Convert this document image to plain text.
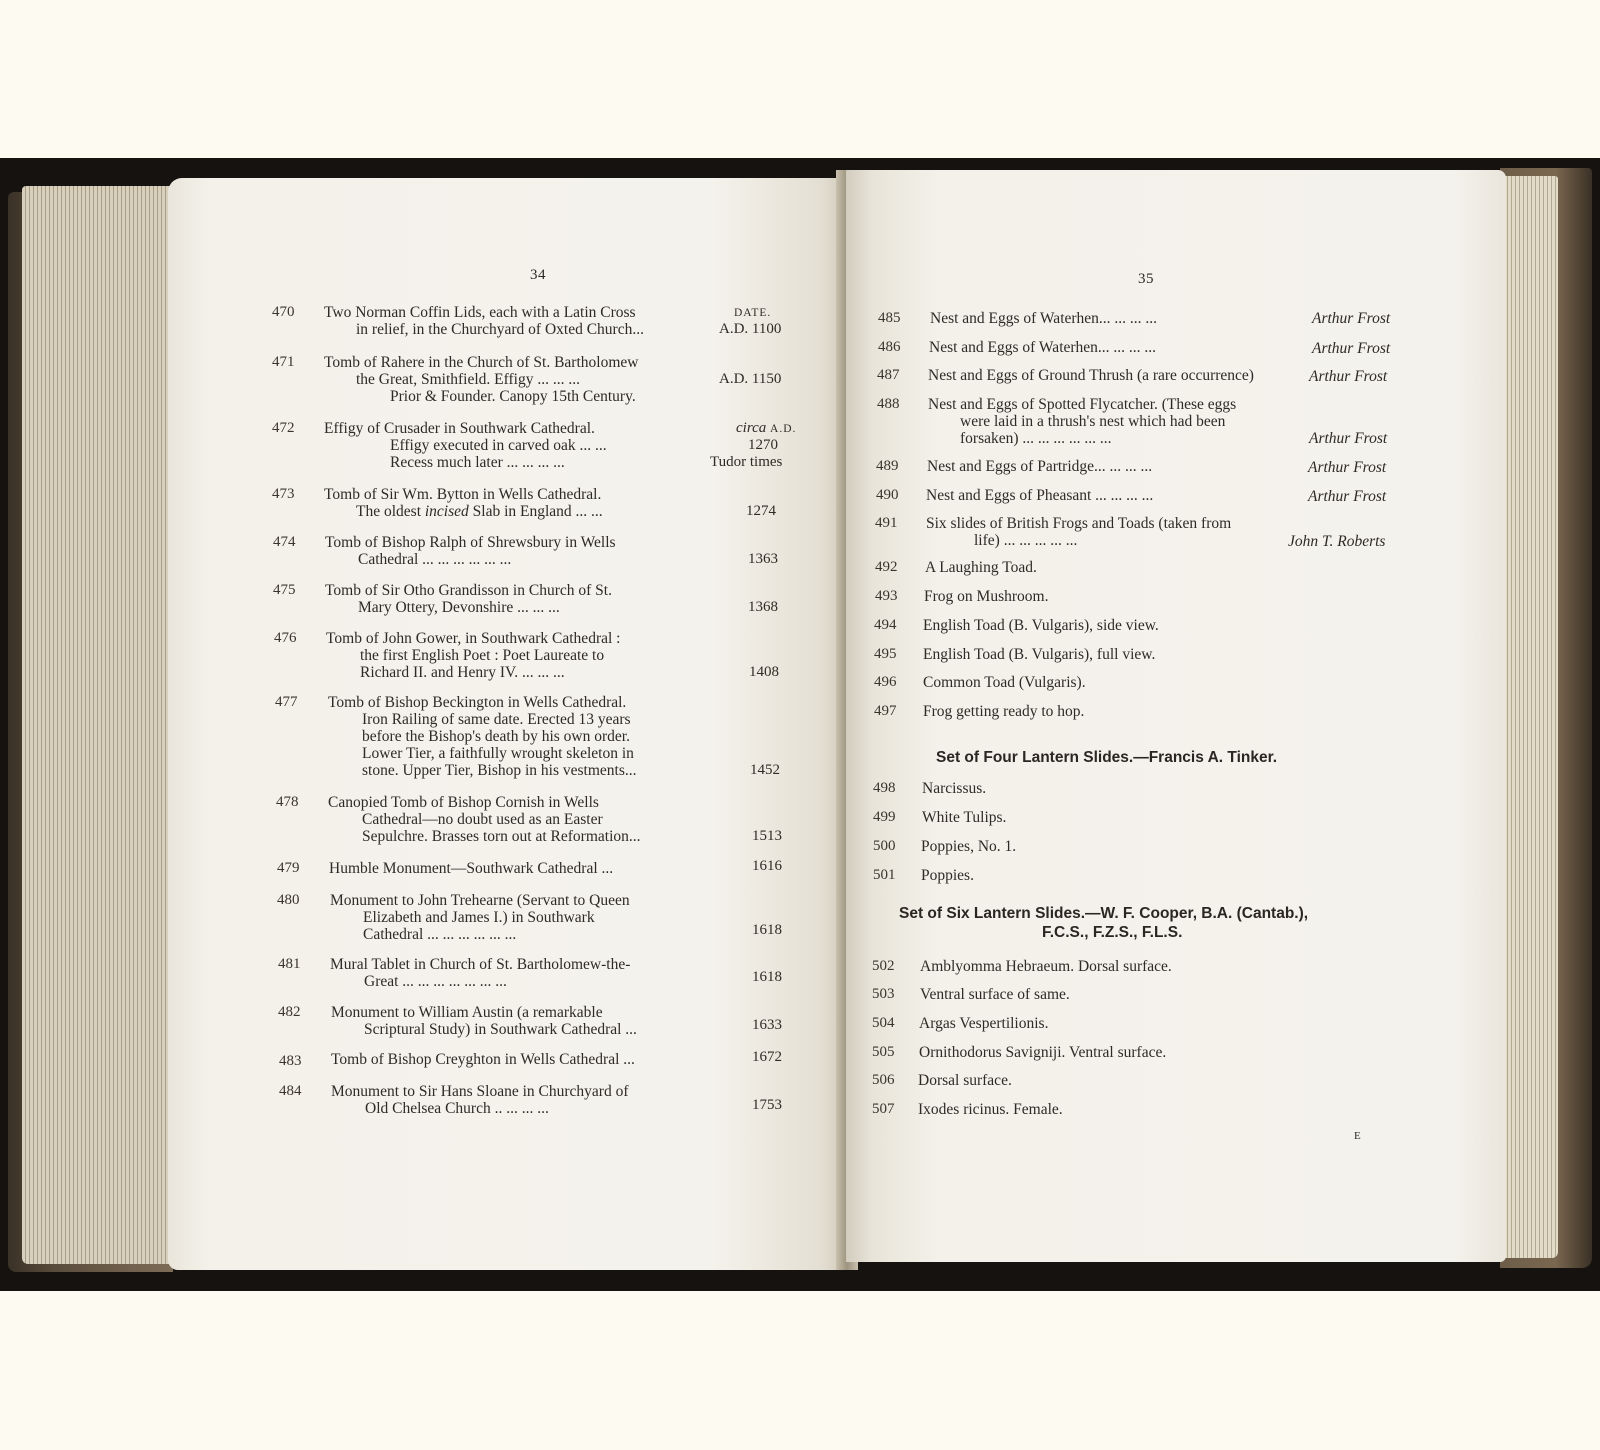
34
470 Two Norman Coffin Lids, each with a Latin Cross	DATE.
in relief, in the Churchyard of Oxted Church...	A.D. 1100
471 Tomb of Rahere in the Church of St. Bartholomew
the Great, Smithfield. Effigy ... ... ...	A.D. 1150
Prior & Founder. Canopy 15th Century.
472 Effigy of Crusader in Southwark Cathedral.	circa A.D.
Effigy executed in carved oak ... ...	1270
Recess much later ... ... ... ...	Tudor times
473 Tomb of Sir Wm. Bytton in Wells Cathedral.
The oldest incised Slab in England ... ...	1274
474 Tomb of Bishop Ralph of Shrewsbury in Wells
Cathedral ... ... ... ... ... ...	1363
475 Tomb of Sir Otho Grandisson in Church of St.
Mary Ottery, Devonshire ... ... ...	1368
476 Tomb of John Gower, in Southwark Cathedral :
the first English Poet : Poet Laureate to
Richard II. and Henry IV. ... ... ...	1408
477 Tomb of Bishop Beckington in Wells Cathedral.
Iron Railing of same date. Erected 13 years
before the Bishop's death by his own order.
Lower Tier, a faithfully wrought skeleton in
stone. Upper Tier, Bishop in his vestments...	1452
478 Canopied Tomb of Bishop Cornish in Wells
Cathedral—no doubt used as an Easter
Sepulchre. Brasses torn out at Reformation...	1513
479 Humble Monument—Southwark Cathedral ...	1616
480 Monument to John Trehearne (Servant to Queen
Elizabeth and James I.) in Southwark
Cathedral ... ... ... ... ... ...	1618
481 Mural Tablet in Church of St. Bartholomew-the-
Great ... ... ... ... ... ... ...	1618
482 Monument to William Austin (a remarkable
Scriptural Study) in Southwark Cathedral ...	1633
483 Tomb of Bishop Creyghton in Wells Cathedral ...	1672
484 Monument to Sir Hans Sloane in Churchyard of
Old Chelsea Church .. ... ... ...	1753
35
485 Nest and Eggs of Waterhen... ... ... ...	Arthur Frost
486 Nest and Eggs of Waterhen... ... ... ...	Arthur Frost
487 Nest and Eggs of Ground Thrush (a rare occurrence)	Arthur Frost
488 Nest and Eggs of Spotted Flycatcher. (These eggs
were laid in a thrush's nest which had been
forsaken) ... ... ... ... ... ...	Arthur Frost
489 Nest and Eggs of Partridge... ... ... ...	Arthur Frost
490 Nest and Eggs of Pheasant ... ... ... ...	Arthur Frost
491 Six slides of British Frogs and Toads (taken from
life) ... ... ... ... ...	John T. Roberts
492 A Laughing Toad.
493 Frog on Mushroom.
494 English Toad (B. Vulgaris), side view.
495 English Toad (B. Vulgaris), full view.
496 Common Toad (Vulgaris).
497 Frog getting ready to hop.
Set of Four Lantern Slides.—Francis A. Tinker.
498 Narcissus.
499 White Tulips.
500 Poppies, No. 1.
501 Poppies.
Set of Six Lantern Slides.—W. F. Cooper, B.A. (Cantab.),
F.C.S., F.Z.S., F.L.S.
502 Amblyomma Hebraeum. Dorsal surface.
503 Ventral surface of same.
504 Argas Vespertilionis.
505 Ornithodorus Savigniji. Ventral surface.
506 Dorsal surface.
507 Ixodes ricinus. Female.
E
